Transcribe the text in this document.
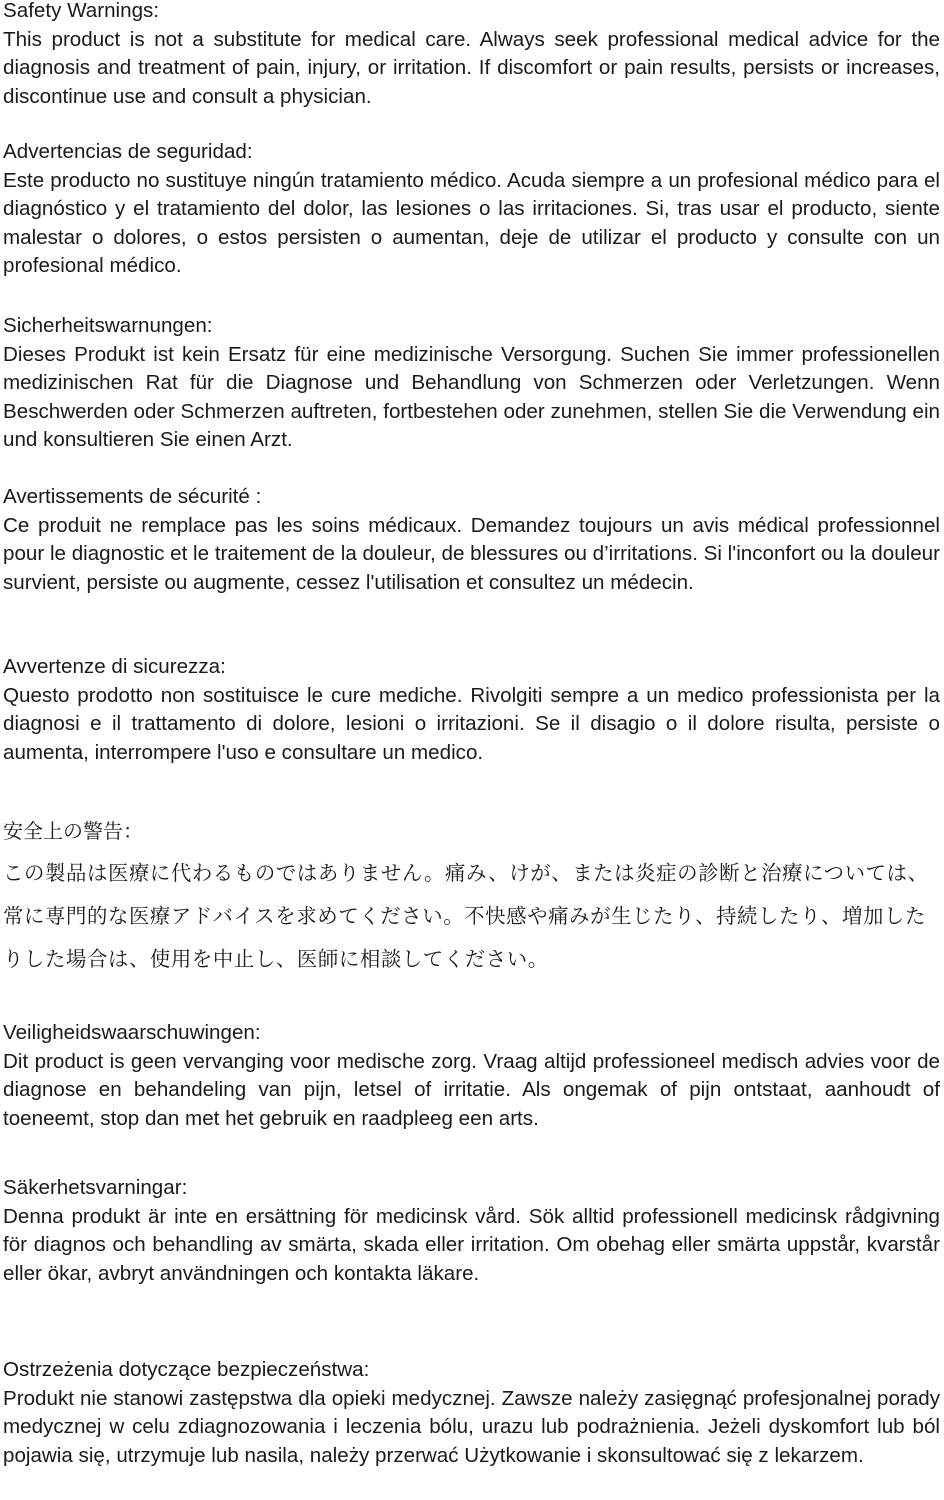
Safety Warnings:

This product is not a substitute for medical care. Always seek professional medical advice for the diagnosis and treatment of pain, injury, or irritation. If discomfort or pain results, persists or increases, discontinue use and consult a physician.

Advertencias de seguridad:

Este producto no sustituye ningún tratamiento médico. Acuda siempre a un profesional médico para el diagnóstico y el tratamiento del dolor, las lesiones o las irritaciones. Si, tras usar el producto, siente malestar o dolores, o estos persisten o aumentan, deje de utilizar el producto y consulte con un profesional médico.

Sicherheitswarnungen:

Dieses Produkt ist kein Ersatz für eine medizinische Versorgung. Suchen Sie immer professionellen medizinischen Rat für die Diagnose und Behandlung von Schmerzen oder Verletzungen. Wenn Beschwerden oder Schmerzen auftreten, fortbestehen oder zunehmen, stellen Sie die Verwendung ein und konsultieren Sie einen Arzt.

Avertissements de sécurité :

Ce produit ne remplace pas les soins médicaux. Demandez toujours un avis médical professionnel pour le diagnostic et le traitement de la douleur, de blessures ou d’irritations. Si l'inconfort ou la douleur survient, persiste ou augmente, cessez l'utilisation et consultez un médecin.

Avvertenze di sicurezza:

Questo prodotto non sostituisce le cure mediche. Rivolgiti sempre a un medico professionista per la diagnosi e il trattamento di dolore, lesioni o irritazioni. Se il disagio o il dolore risulta, persiste o aumenta, interrompere l'uso e consultare un medico.

安全上の警告：

この製品は医療に代わるものではありません。痛み、けが、または炎症の診断と治療については、常に専門的な医療アドバイスを求めてください。不快感や痛みが生じたり、持続したり、増加したりした場合は、使用を中止し、医師に相談してください。

Veiligheidswaarschuwingen:

Dit product is geen vervanging voor medische zorg. Vraag altijd professioneel medisch advies voor de diagnose en behandeling van pijn, letsel of irritatie. Als ongemak of pijn ontstaat, aanhoudt of toeneemt, stop dan met het gebruik en raadpleeg een arts.

Säkerhetsvarningar:

Denna produkt är inte en ersättning för medicinsk vård. Sök alltid professionell medicinsk rådgivning för diagnos och behandling av smärta, skada eller irritation. Om obehag eller smärta uppstår, kvarstår eller ökar, avbryt användningen och kontakta läkare.

Ostrzeżenia dotyczące bezpieczeństwa:

Produkt nie stanowi zastępstwa dla opieki medycznej. Zawsze należy zasięgnąć profesjonalnej porady medycznej w celu zdiagnozowania i leczenia bólu, urazu lub podrażnienia. Jeżeli dyskomfort lub ból pojawia się, utrzymuje lub nasila, należy przerwać Użytkowanie i skonsultować się z lekarzem.
